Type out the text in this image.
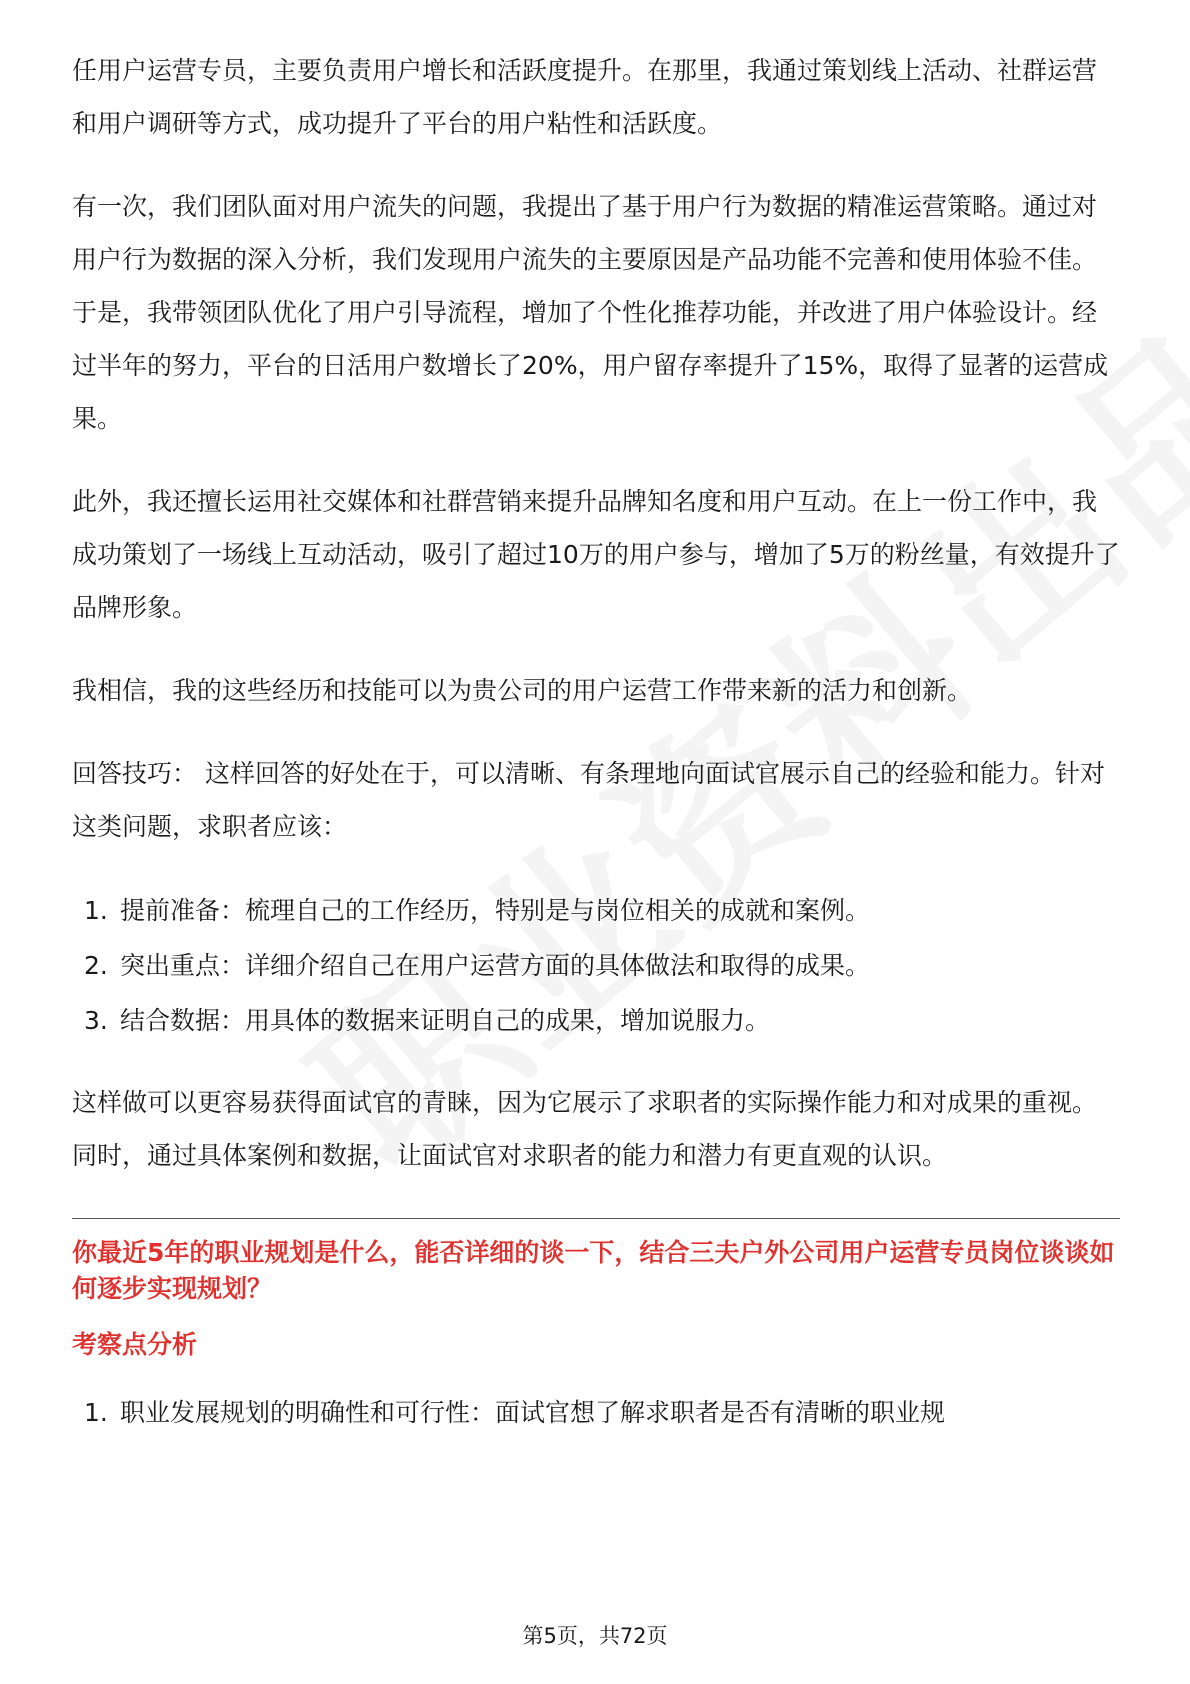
任用户运营专员，主要负责用户增长和活跃度提升。在那里，我通过策划线上活动、社群运营和用户调研等方式，成功提升了平台的用户粘性和活跃度。

有一次，我们团队面对用户流失的问题，我提出了基于用户行为数据的精准运营策略。通过对用户行为数据的深入分析，我们发现用户流失的主要原因是产品功能不完善和使用体验不佳。于是，我带领团队优化了用户引导流程，增加了个性化推荐功能，并改进了用户体验设计。经过半年的努力，平台的日活用户数增长了20%，用户留存率提升了15%，取得了显著的运营成果。

此外，我还擅长运用社交媒体和社群营销来提升品牌知名度和用户互动。在上一份工作中，我成功策划了一场线上互动活动，吸引了超过10万的用户参与，增加了5万的粉丝量，有效提升了品牌形象。

我相信，我的这些经历和技能可以为贵公司的用户运营工作带来新的活力和创新。

回答技巧： 这样回答的好处在于，可以清晰、有条理地向面试官展示自己的经验和能力。针对这类问题，求职者应该：

1. 提前准备：梳理自己的工作经历，特别是与岗位相关的成就和案例。
2. 突出重点：详细介绍自己在用户运营方面的具体做法和取得的成果。
3. 结合数据：用具体的数据来证明自己的成果，增加说服力。

这样做可以更容易获得面试官的青睐，因为它展示了求职者的实际操作能力和对成果的重视。同时，通过具体案例和数据，让面试官对求职者的能力和潜力有更直观的认识。

你最近5年的职业规划是什么，能否详细的谈一下，结合三夫户外公司用户运营专员岗位谈谈如何逐步实现规划？
考察点分析
1. 职业发展规划的明确性和可行性：面试官想了解求职者是否有清晰的职业规
第5页，共72页
